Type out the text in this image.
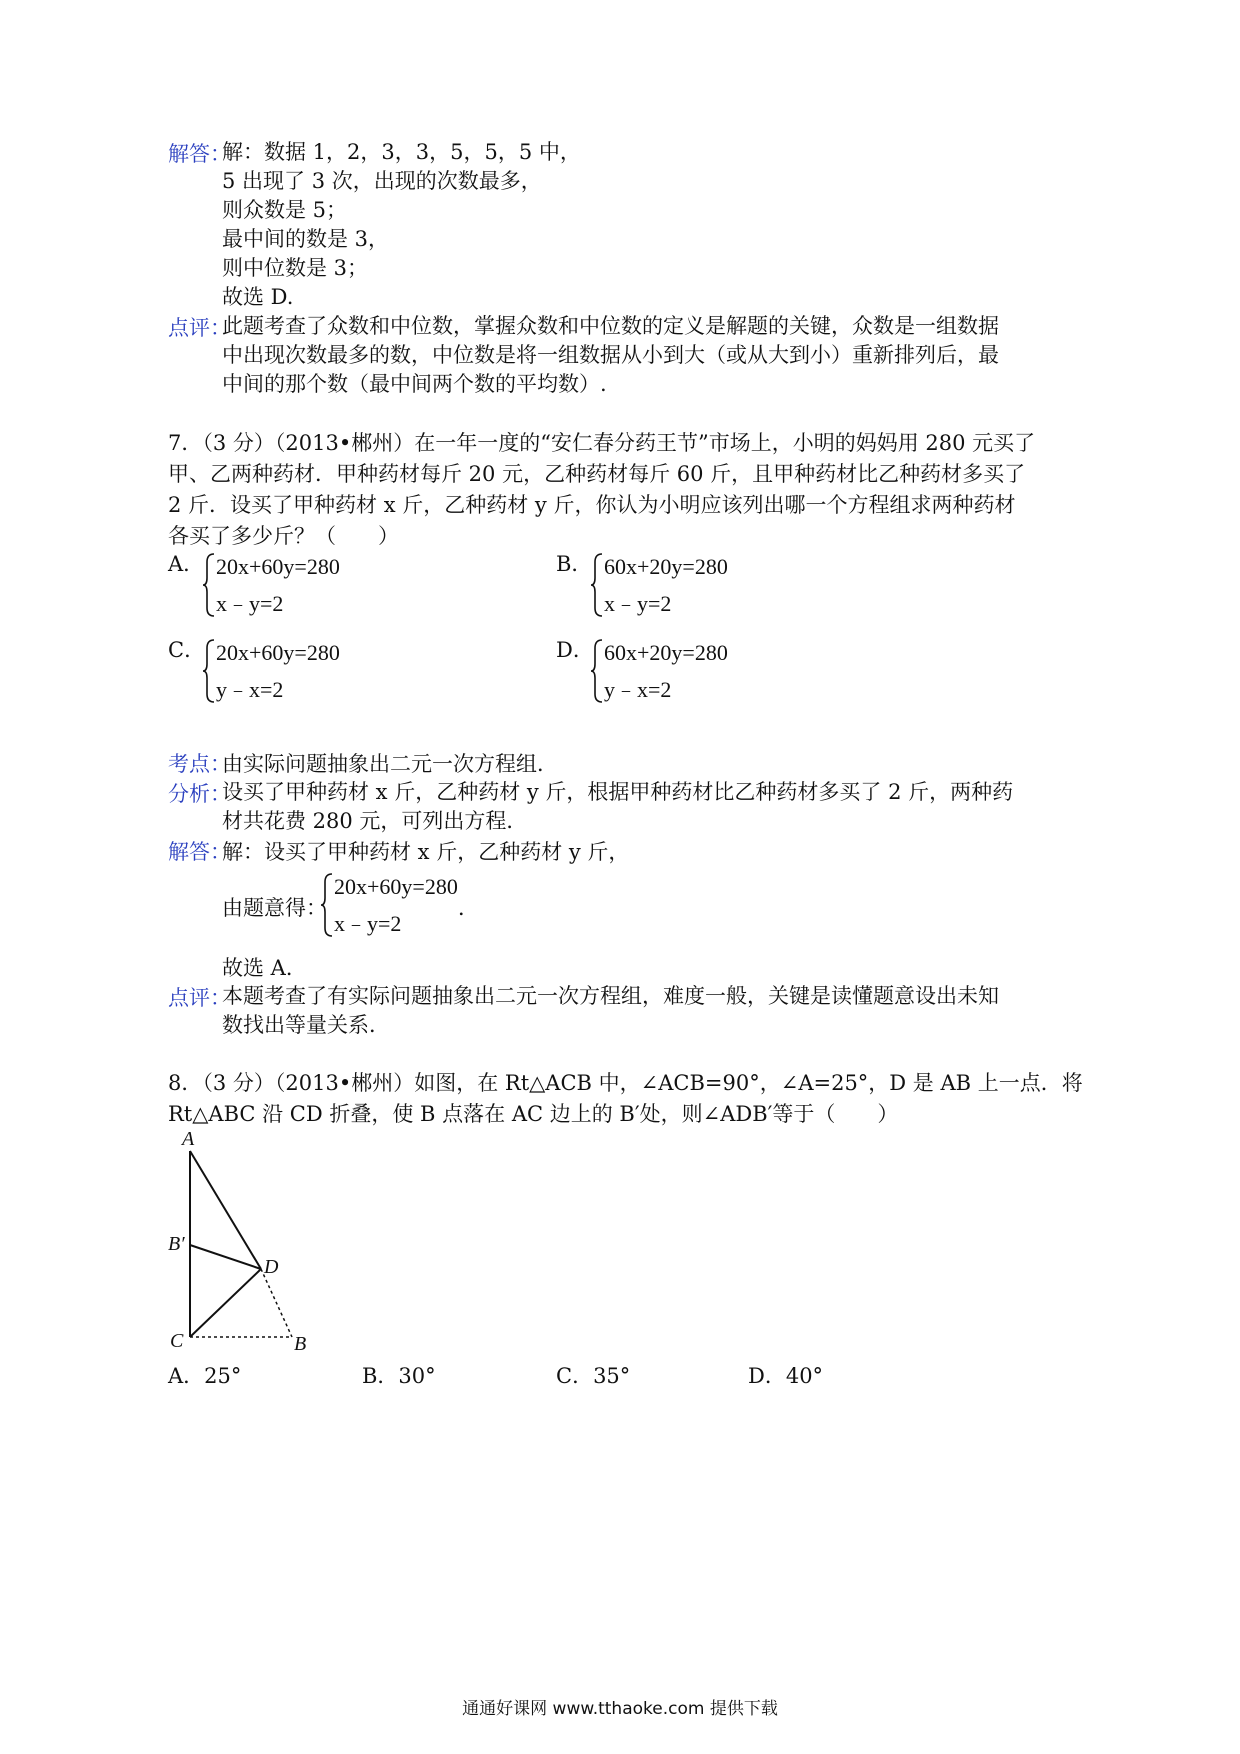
解答：
解：数据 1，2，3，3，5，5，5 中，
5 出现了 3 次，出现的次数最多，
则众数是 5；
最中间的数是 3，
则中位数是 3；
故选 D.
点评：
此题考查了众数和中位数，掌握众数和中位数的定义是解题的关键，众数是一组数据
中出现次数最多的数，中位数是将一组数据从小到大（或从大到小）重新排列后，最
中间的那个数（最中间两个数的平均数）.
7．（3 分）（2013•郴州）在一年一度的“安仁春分药王节”市场上，小明的妈妈用 280 元买了
甲、乙两种药材．甲种药材每斤 20 元，乙种药材每斤 60 斤，且甲种药材比乙种药材多买了
2 斤．设买了甲种药材 x 斤，乙种药材 y 斤，你认为小明应该列出哪一个方程组求两种药材
各买了多少斤？（　　）
A． 20x+60y=280
x﹣y=2
B． 60x+20y=280
x﹣y=2
C． 20x+60y=280
y﹣x=2
D． 60x+20y=280
y﹣x=2
考点：
由实际问题抽象出二元一次方程组．
分析：
设买了甲种药材 x 斤，乙种药材 y 斤，根据甲种药材比乙种药材多买了 2 斤，两种药
材共花费 280 元，可列出方程．
解答：
解：设买了甲种药材 x 斤，乙种药材 y 斤，
由题意得：
20x+60y=280
x﹣y=2
．
故选 A．
点评：
本题考查了有实际问题抽象出二元一次方程组，难度一般，关键是读懂题意设出未知
数找出等量关系．
8．（3 分）（2013•郴州）如图，在 Rt△ACB 中，∠ACB=90°，∠A=25°，D 是 AB 上一点．将
Rt△ABC 沿 CD 折叠，使 B 点落在 AC 边上的 B′处，则∠ADB′等于（　　）
A
B′
D
C	B
A．25°	B．30°	C．35°	D．40°
通通好课网 www.tthaoke.com 提供下载
